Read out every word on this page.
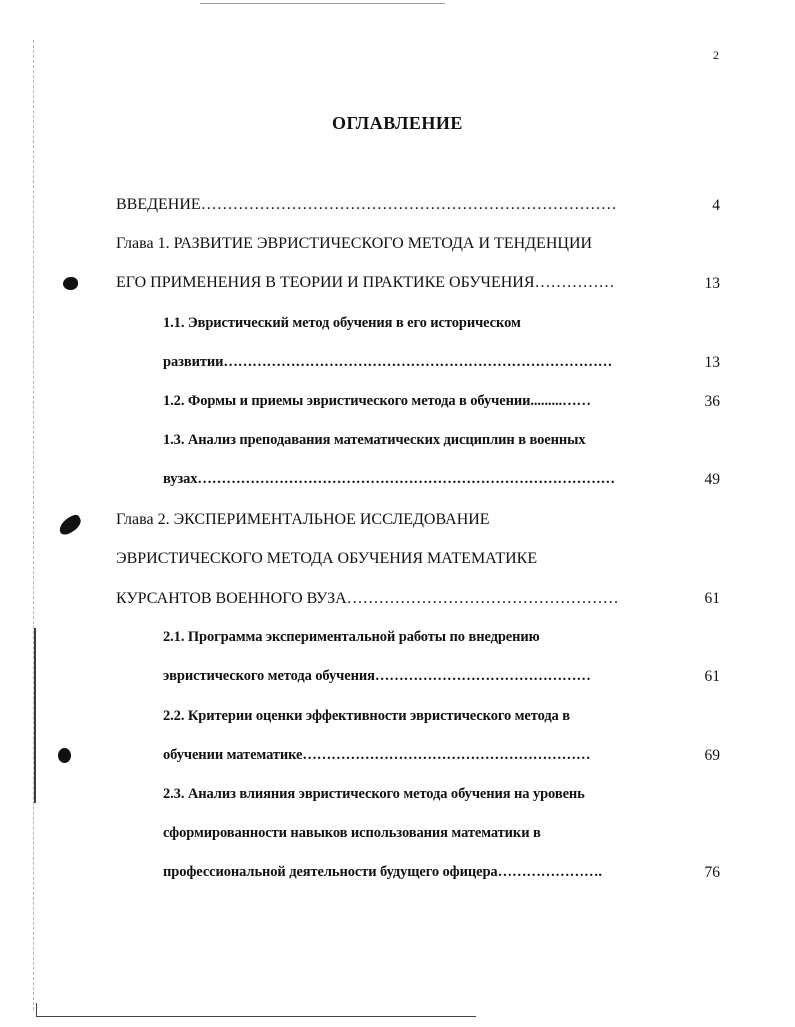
2
ОГЛАВЛЕНИЕ
ВВЕДЕНИЕ……………………………………………………………………	4
Глава 1. РАЗВИТИЕ ЭВРИСТИЧЕСКОГО МЕТОДА И ТЕНДЕНЦИИ
ЕГО ПРИМЕНЕНИЯ В ТЕОРИИ И ПРАКТИКЕ ОБУЧЕНИЯ……………	13
1.1. Эвристический метод обучения в его историческом
развитии………………………………………………………………………	13
1.2. Формы и приемы эвристического метода в обучении.........……	36
1.3. Анализ преподавания математических дисциплин в военных
вузах……………………………………………………………………………	49
Глава 2. ЭКСПЕРИМЕНТАЛЬНОЕ ИССЛЕДОВАНИЕ
ЭВРИСТИЧЕСКОГО МЕТОДА ОБУЧЕНИЯ МАТЕМАТИКЕ
КУРСАНТОВ ВОЕННОГО ВУЗА……………………………………………	61
2.1. Программа экспериментальной работы по внедрению
эвристического метода обучения………………………………………	61
2.2. Критерии оценки эффективности эвристического метода в
обучении математике……………………………………………………	69
2.3. Анализ влияния эвристического метода обучения на уровень
сформированности навыков использования математики в
профессиональной деятельности будущего офицера………………….	76
